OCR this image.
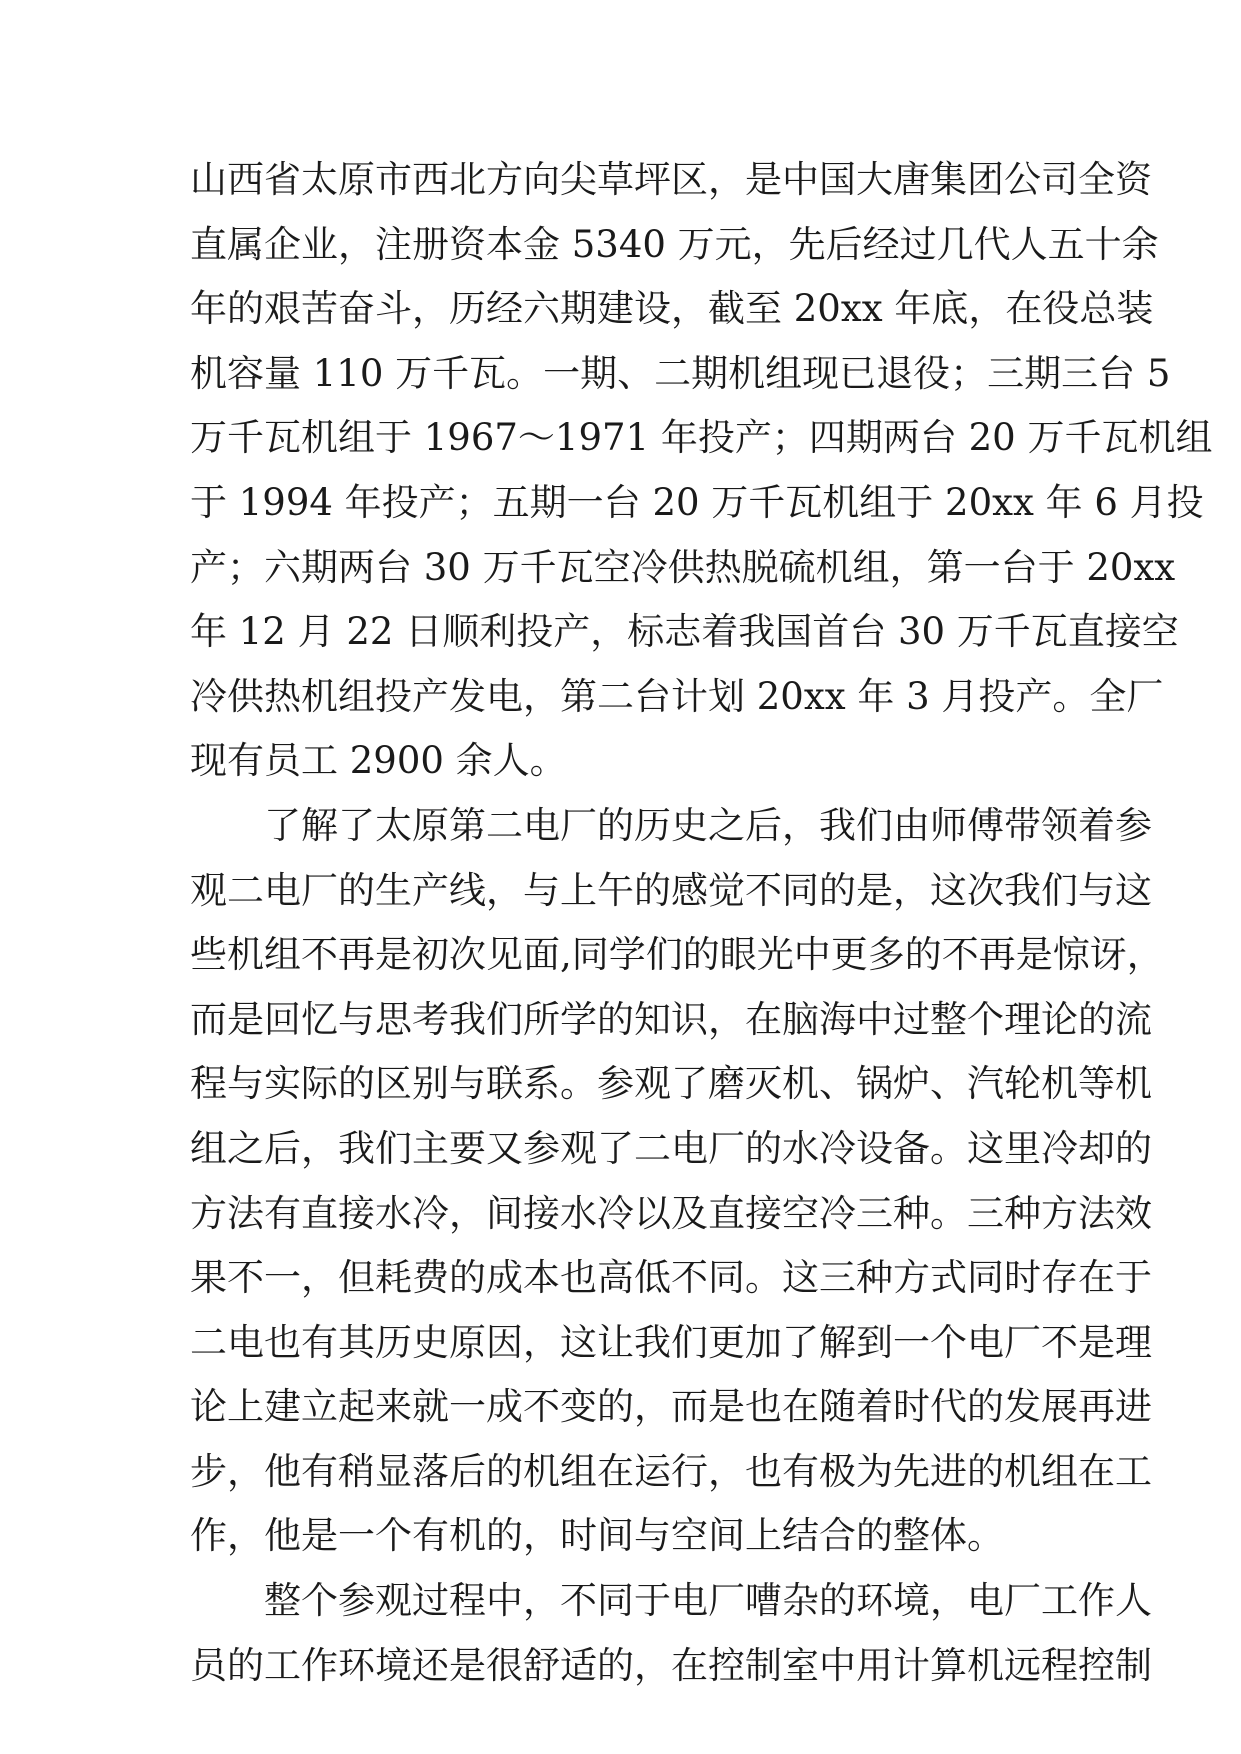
山西省太原市西北方向尖草坪区，是中国大唐集团公司全资
直属企业，注册资本金 5340 万元，先后经过几代人五十余
年的艰苦奋斗，历经六期建设，截至 20xx 年底，在役总装
机容量 110 万千瓦。一期、二期机组现已退役；三期三台 5
万千瓦机组于 1967～1971 年投产；四期两台 20 万千瓦机组
于 1994 年投产；五期一台 20 万千瓦机组于 20xx 年 6 月投
产；六期两台 30 万千瓦空冷供热脱硫机组，第一台于 20xx
年 12 月 22 日顺利投产，标志着我国首台 30 万千瓦直接空
冷供热机组投产发电，第二台计划 20xx 年 3 月投产。全厂
现有员工 2900 余人。
了解了太原第二电厂的历史之后，我们由师傅带领着参
观二电厂的生产线，与上午的感觉不同的是，这次我们与这
些机组不再是初次见面,同学们的眼光中更多的不再是惊讶，
而是回忆与思考我们所学的知识，在脑海中过整个理论的流
程与实际的区别与联系。参观了磨灭机、锅炉、汽轮机等机
组之后，我们主要又参观了二电厂的水冷设备。这里冷却的
方法有直接水冷，间接水冷以及直接空冷三种。三种方法效
果不一，但耗费的成本也高低不同。这三种方式同时存在于
二电也有其历史原因，这让我们更加了解到一个电厂不是理
论上建立起来就一成不变的，而是也在随着时代的发展再进
步，他有稍显落后的机组在运行，也有极为先进的机组在工
作，他是一个有机的，时间与空间上结合的整体。
整个参观过程中，不同于电厂嘈杂的环境，电厂工作人
员的工作环境还是很舒适的，在控制室中用计算机远程控制
